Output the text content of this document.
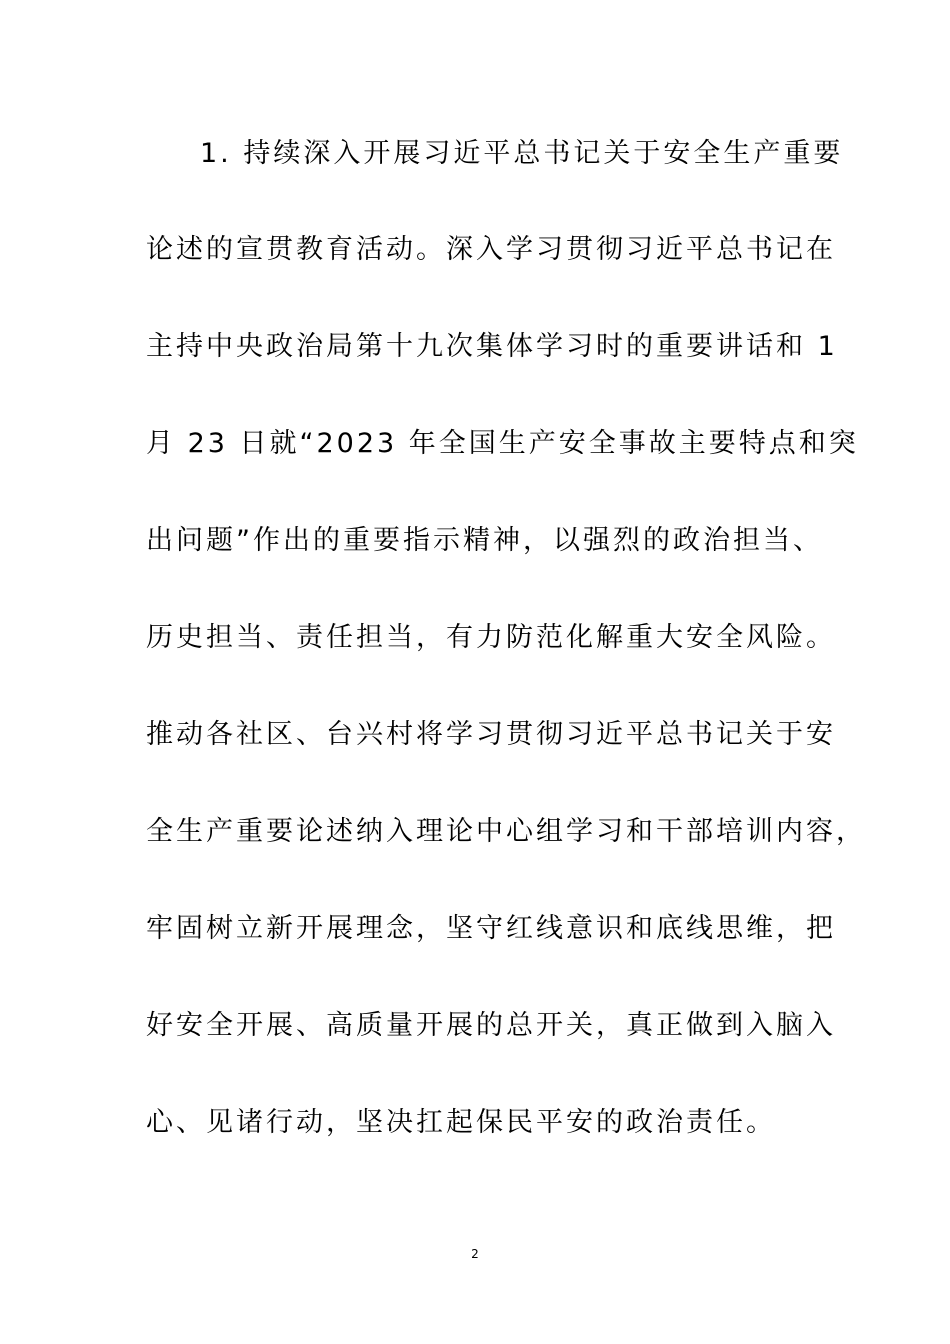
1. 持续深入开展习近平总书记关于安全生产重要
论述的宣贯教育活动。深入学习贯彻习近平总书记在
主持中央政治局第十九次集体学习时的重要讲话和 1
月 23 日就“2023 年全国生产安全事故主要特点和突
出问题”作出的重要指示精神，以强烈的政治担当、
历史担当、责任担当，有力防范化解重大安全风险。
推动各社区、台兴村将学习贯彻习近平总书记关于安
全生产重要论述纳入理论中心组学习和干部培训内容，
牢固树立新开展理念，坚守红线意识和底线思维，把
好安全开展、高质量开展的总开关，真正做到入脑入
心、见诸行动，坚决扛起保民平安的政治责任。
2
